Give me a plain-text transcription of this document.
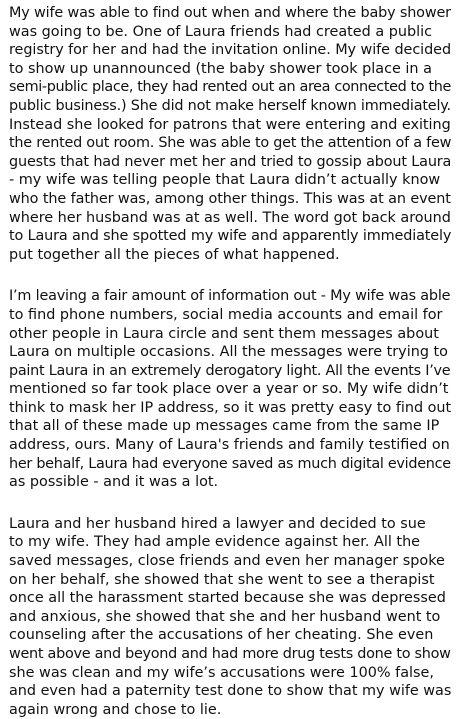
My wife was able to find out when and where the baby shower
was going to be. One of Laura friends had created a public
registry for her and had the invitation online. My wife decided
to show up unannounced (the baby shower took place in a
semi-public place, they had rented out an area connected to the
public business.) She did not make herself known immediately.
Instead she looked for patrons that were entering and exiting
the rented out room. She was able to get the attention of a few
guests that had never met her and tried to gossip about Laura
- my wife was telling people that Laura didn’t actually know
who the father was, among other things. This was at an event
where her husband was at as well. The word got back around
to Laura and she spotted my wife and apparently immediately
put together all the pieces of what happened.
I’m leaving a fair amount of information out - My wife was able
to find phone numbers, social media accounts and email for
other people in Laura circle and sent them messages about
Laura on multiple occasions. All the messages were trying to
paint Laura in an extremely derogatory light. All the events I’ve
mentioned so far took place over a year or so. My wife didn’t
think to mask her IP address, so it was pretty easy to find out
that all of these made up messages came from the same IP
address, ours. Many of Laura's friends and family testified on
her behalf, Laura had everyone saved as much digital evidence
as possible - and it was a lot.
Laura and her husband hired a lawyer and decided to sue
to my wife. They had ample evidence against her. All the
saved messages, close friends and even her manager spoke
on her behalf, she showed that she went to see a therapist
once all the harassment started because she was depressed
and anxious, she showed that she and her husband went to
counseling after the accusations of her cheating. She even
went above and beyond and had more drug tests done to show
she was clean and my wife’s accusations were 100% false,
and even had a paternity test done to show that my wife was
again wrong and chose to lie.
